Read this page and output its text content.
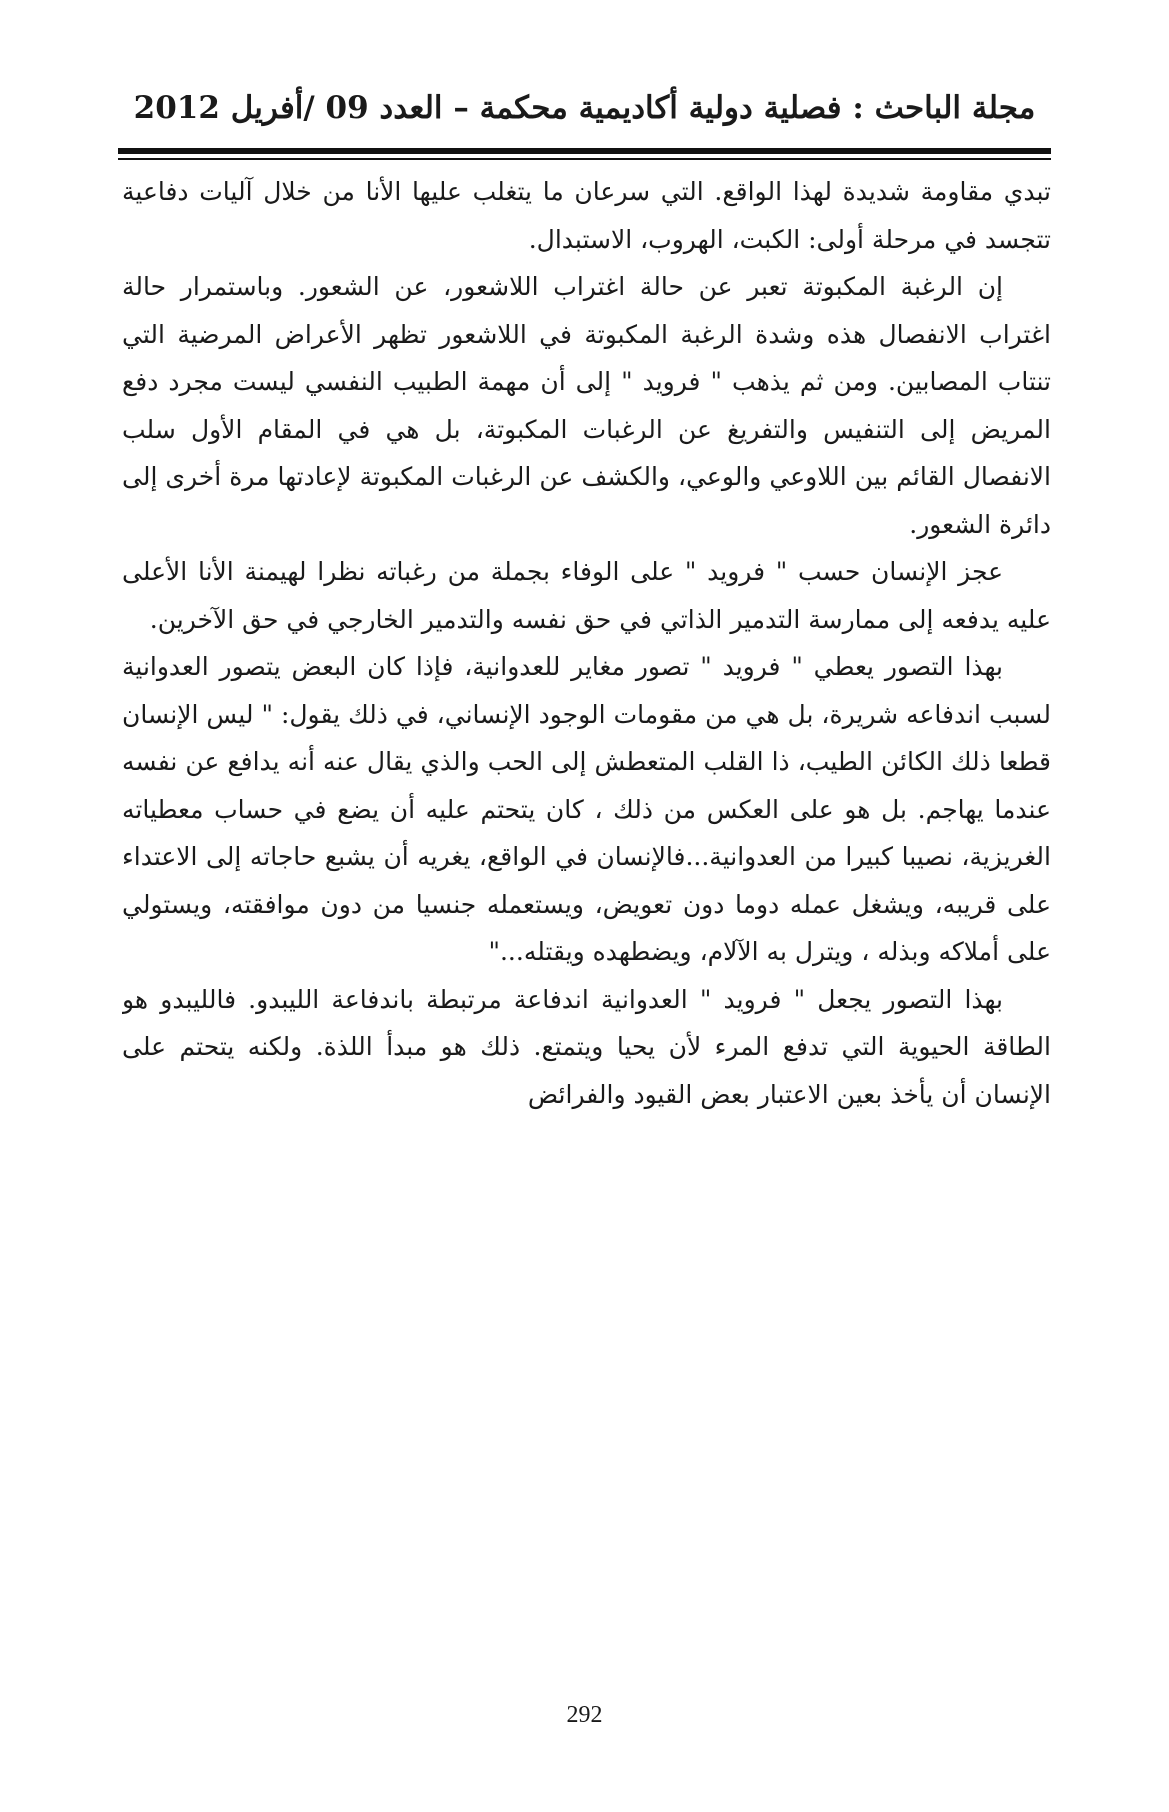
مجلة الباحث : فصلية دولية أكاديمية محكمة – العدد 09 /أفريل 2012

تبدي مقاومة شديدة لهذا الواقع. التي سرعان ما يتغلب عليها الأنا من خلال آليات دفاعية تتجسد في مرحلة أولى: الكبت، الهروب، الاستبدال.

إن الرغبة المكبوتة تعبر عن حالة اغتراب اللاشعور، عن الشعور. وباستمرار حالة اغتراب الانفصال هذه وشدة الرغبة المكبوتة في اللاشعور تظهر الأعراض المرضية التي تنتاب المصابين. ومن ثم يذهب " فرويد " إلى أن مهمة الطبيب النفسي ليست مجرد دفع المريض إلى التنفيس والتفريغ عن الرغبات المكبوتة، بل هي في المقام الأول سلب الانفصال القائم بين اللاوعي والوعي، والكشف عن الرغبات المكبوتة لإعادتها مرة أخرى إلى دائرة الشعور.

عجز الإنسان حسب " فرويد " على الوفاء بجملة من رغباته نظرا لهيمنة الأنا الأعلى عليه يدفعه إلى ممارسة التدمير الذاتي في حق نفسه والتدمير الخارجي في حق الآخرين.

بهذا التصور يعطي " فرويد " تصور مغاير للعدوانية، فإذا كان البعض يتصور العدوانية لسبب اندفاعه شريرة، بل هي من مقومات الوجود الإنساني، في ذلك يقول: " ليس الإنسان قطعا ذلك الكائن الطيب، ذا القلب المتعطش إلى الحب والذي يقال عنه أنه يدافع عن نفسه عندما يهاجم. بل هو على العكس من ذلك ، كان يتحتم عليه أن يضع في حساب معطياته الغريزية، نصيبا كبيرا من العدوانية...فالإنسان في الواقع، يغريه أن يشبع حاجاته إلى الاعتداء على قريبه، ويشغل عمله دوما دون تعويض، ويستعمله جنسيا من دون موافقته، ويستولي على أملاكه وبذله ، ويترل به الآلام، ويضطهده ويقتله..."

بهذا التصور يجعل " فرويد " العدوانية اندفاعة مرتبطة باندفاعة الليبدو. فالليبدو هو الطاقة الحيوية التي تدفع المرء لأن يحيا ويتمتع. ذلك هو مبدأ اللذة. ولكنه يتحتم على الإنسان أن يأخذ بعين الاعتبار بعض القيود والفرائض

292
